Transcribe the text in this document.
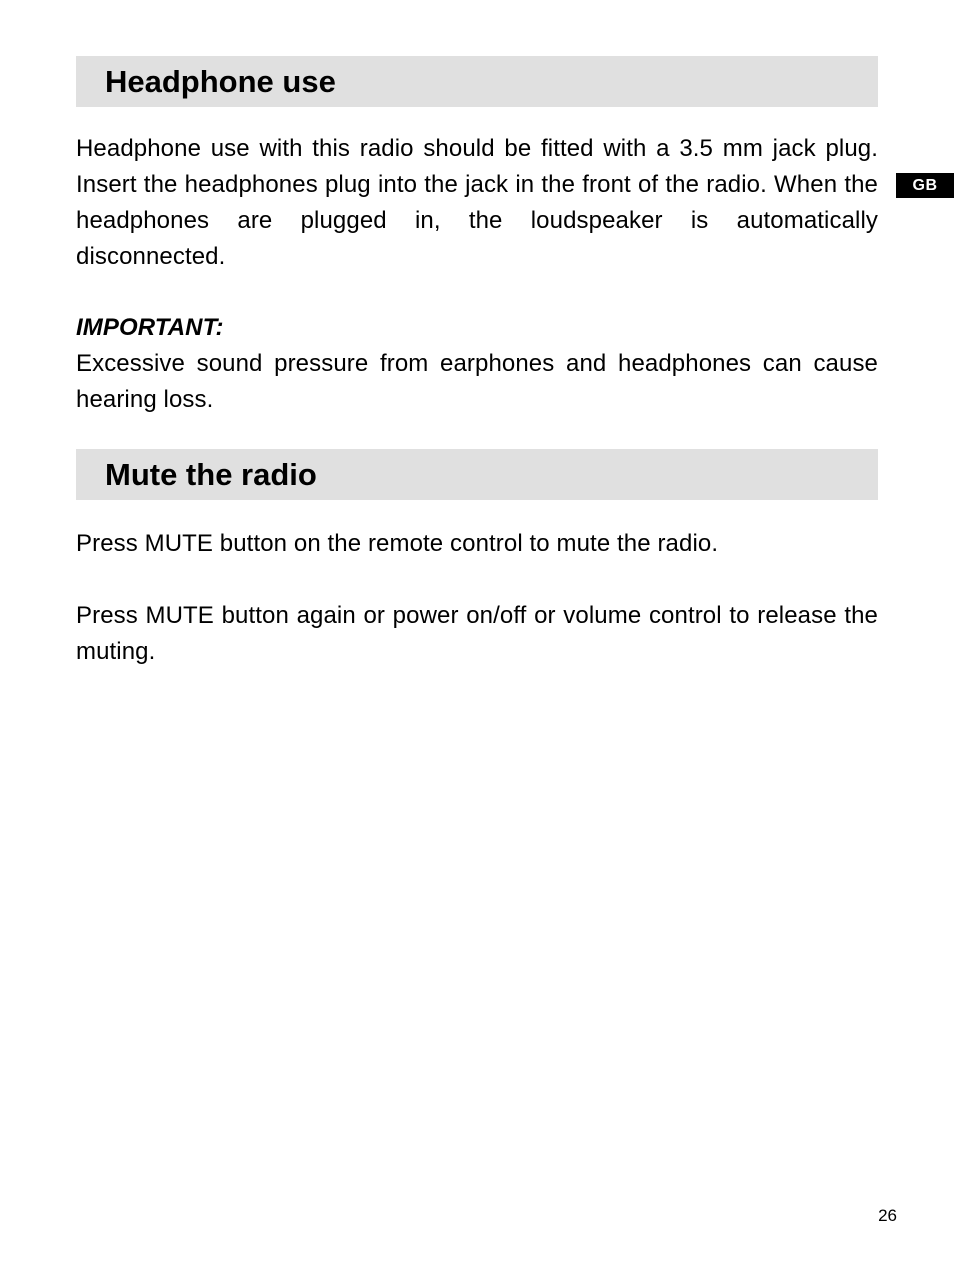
Headphone use

Headphone use with this radio should be fitted with a 3.5 mm jack plug. Insert the headphones plug into the jack in the front of the radio. When the headphones are plugged in, the loudspeaker is automatically disconnected.

IMPORTANT:

Excessive sound pressure from earphones and headphones can cause hearing loss.

Mute the radio

Press MUTE button on the remote control to mute the radio.

Press MUTE button again or power on/off or volume control to release the muting.

GB
26
